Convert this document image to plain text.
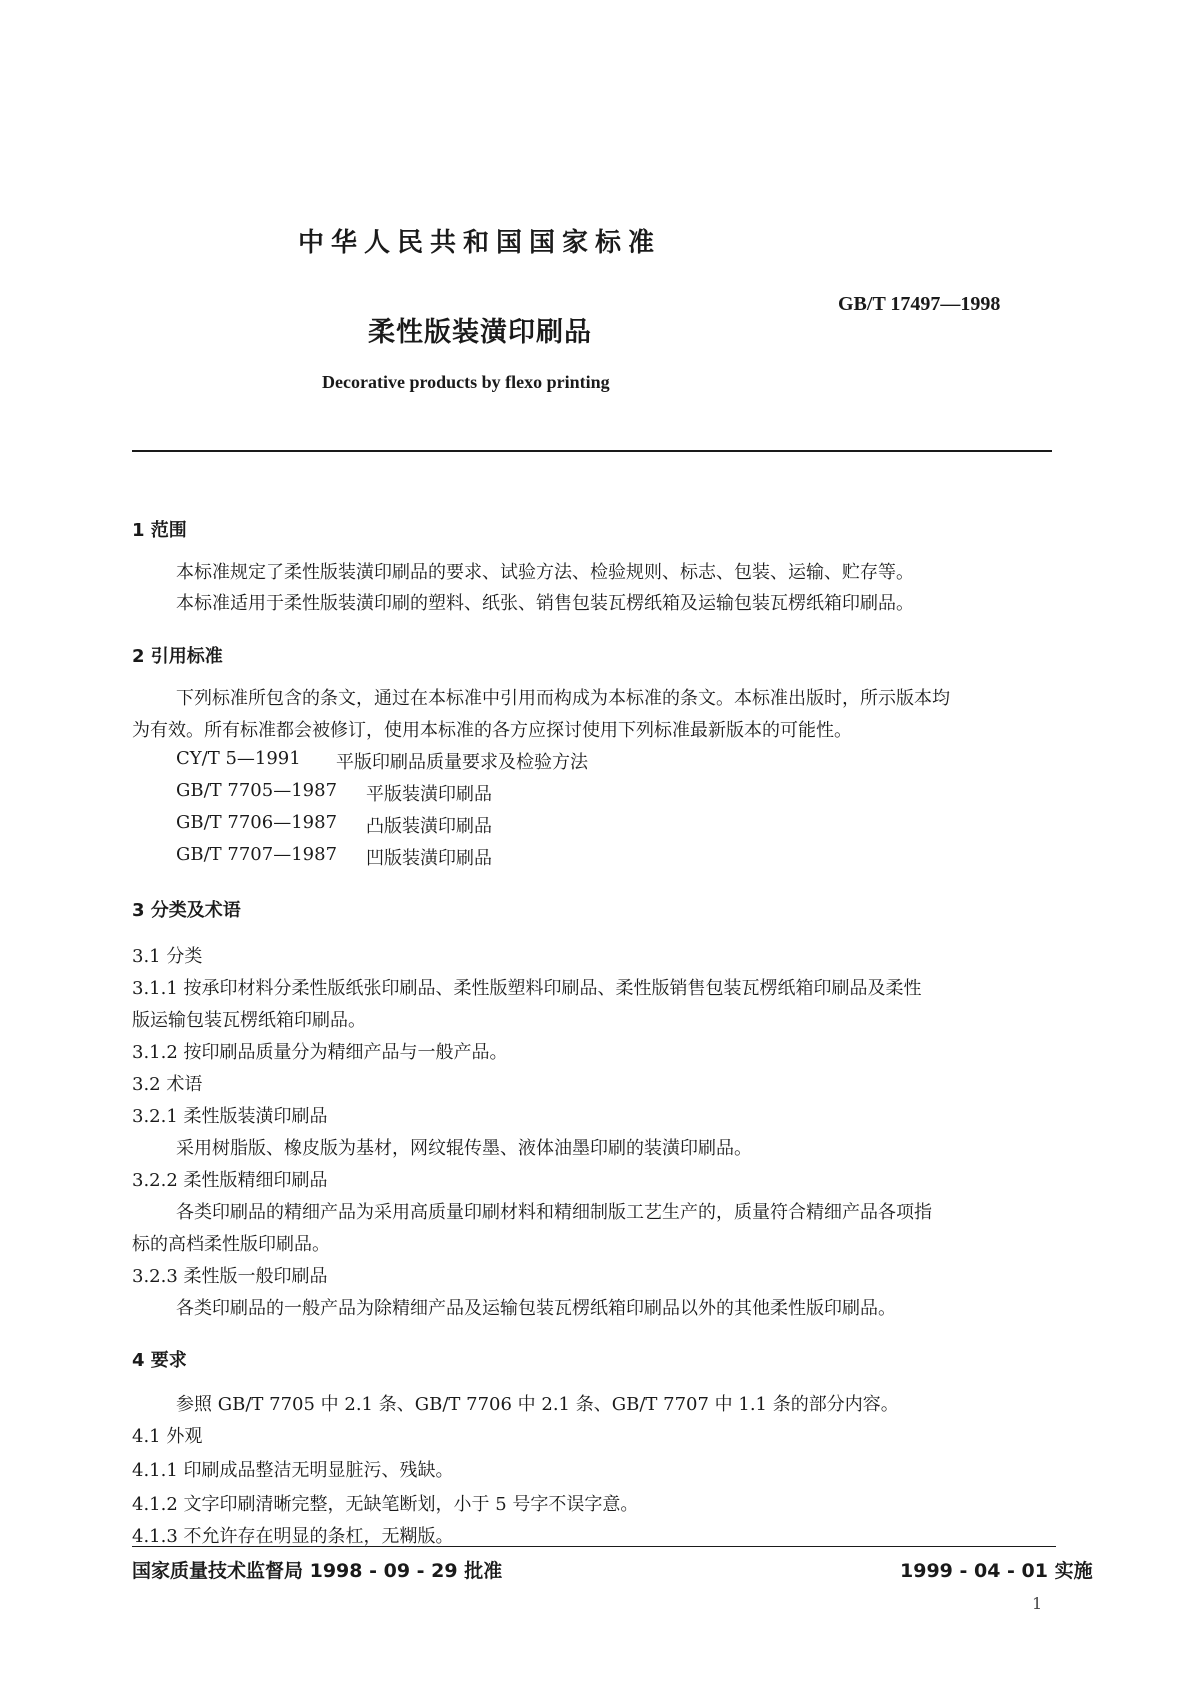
中华人民共和国国家标准
GB/T 17497—1998
柔性版装潢印刷品
Decorative products by flexo printing
1 范围
本标准规定了柔性版装潢印刷品的要求、试验方法、检验规则、标志、包装、运输、贮存等。
本标准适用于柔性版装潢印刷的塑料、纸张、销售包装瓦楞纸箱及运输包装瓦楞纸箱印刷品。
2 引用标准
下列标准所包含的条文，通过在本标准中引用而构成为本标准的条文。本标准出版时，所示版本均
为有效。所有标准都会被修订，使用本标准的各方应探讨使用下列标准最新版本的可能性。
CY/T 5—1991 平版印刷品质量要求及检验方法
GB/T 7705—1987 平版装潢印刷品
GB/T 7706—1987 凸版装潢印刷品
GB/T 7707—1987 凹版装潢印刷品
3 分类及术语
3.1 分类
3.1.1 按承印材料分柔性版纸张印刷品、柔性版塑料印刷品、柔性版销售包装瓦楞纸箱印刷品及柔性
版运输包装瓦楞纸箱印刷品。
3.1.2 按印刷品质量分为精细产品与一般产品。
3.2 术语
3.2.1 柔性版装潢印刷品
采用树脂版、橡皮版为基材，网纹辊传墨、液体油墨印刷的装潢印刷品。
3.2.2 柔性版精细印刷品
各类印刷品的精细产品为采用高质量印刷材料和精细制版工艺生产的，质量符合精细产品各项指
标的高档柔性版印刷品。
3.2.3 柔性版一般印刷品
各类印刷品的一般产品为除精细产品及运输包装瓦楞纸箱印刷品以外的其他柔性版印刷品。
4 要求
参照 GB/T 7705 中 2.1 条、GB/T 7706 中 2.1 条、GB/T 7707 中 1.1 条的部分内容。
4.1 外观
4.1.1 印刷成品整洁无明显脏污、残缺。
4.1.2 文字印刷清晰完整，无缺笔断划，小于 5 号字不误字意。
4.1.3 不允许存在明显的条杠，无糊版。
国家质量技术监督局 1998 - 09 - 29 批准	1999 - 04 - 01 实施
1
